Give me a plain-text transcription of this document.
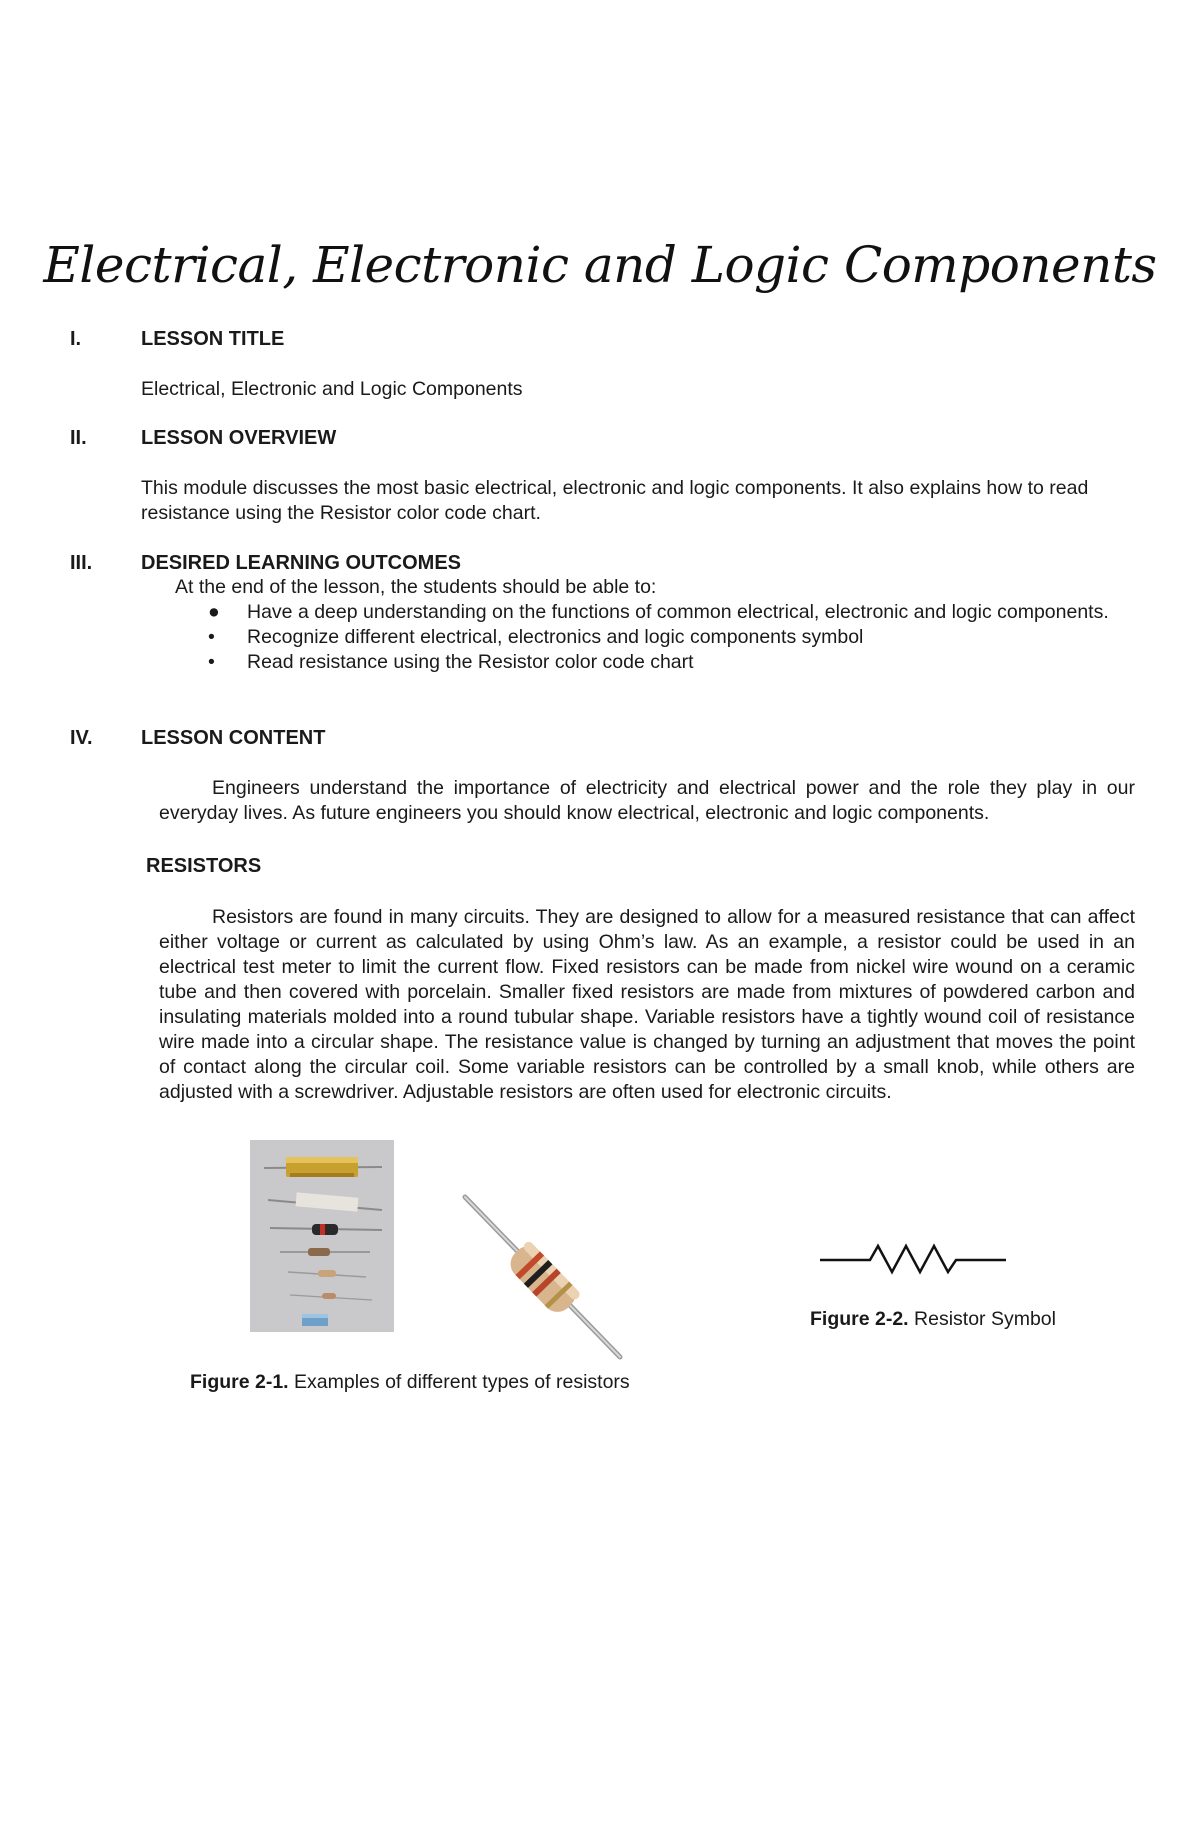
Electrical, Electronic and Logic Components
I.	LESSON TITLE

Electrical, Electronic and Logic Components

II.	LESSON OVERVIEW

This module discusses the most basic electrical, electronic and logic components. It also explains how to read resistance using the Resistor color code chart.

III. DESIRED LEARNING OUTCOMES

At the end of the lesson, the students should be able to:

●	Have a deep understanding on the functions of common electrical, electronic and logic components.
•	Recognize different electrical, electronics and logic components symbol
•	Read resistance using the Resistor color code chart
IV. LESSON CONTENT

Engineers understand the importance of electricity and electrical power and the role they play in our everyday lives. As future engineers you should know electrical, electronic and logic components.

RESISTORS

Resistors are found in many circuits. They are designed to allow for a measured resistance that can affect either voltage or current as calculated by using Ohm’s law. As an example, a resistor could be used in an electrical test meter to limit the current flow. Fixed resistors can be made from nickel wire wound on a ceramic tube and then covered with porcelain. Smaller fixed resistors are made from mixtures of powdered carbon and insulating materials molded into a round tubular shape. Variable resistors have a tightly wound coil of resistance wire made into a circular shape. The resistance value is changed by turning an adjustment that moves the point of contact along the circular coil. Some variable resistors can be controlled by a small knob, while others are adjusted with a screwdriver. Adjustable resistors are often used for electronic circuits.

Figure 2-2. Resistor Symbol
Figure 2-1. Examples of different types of resistors
